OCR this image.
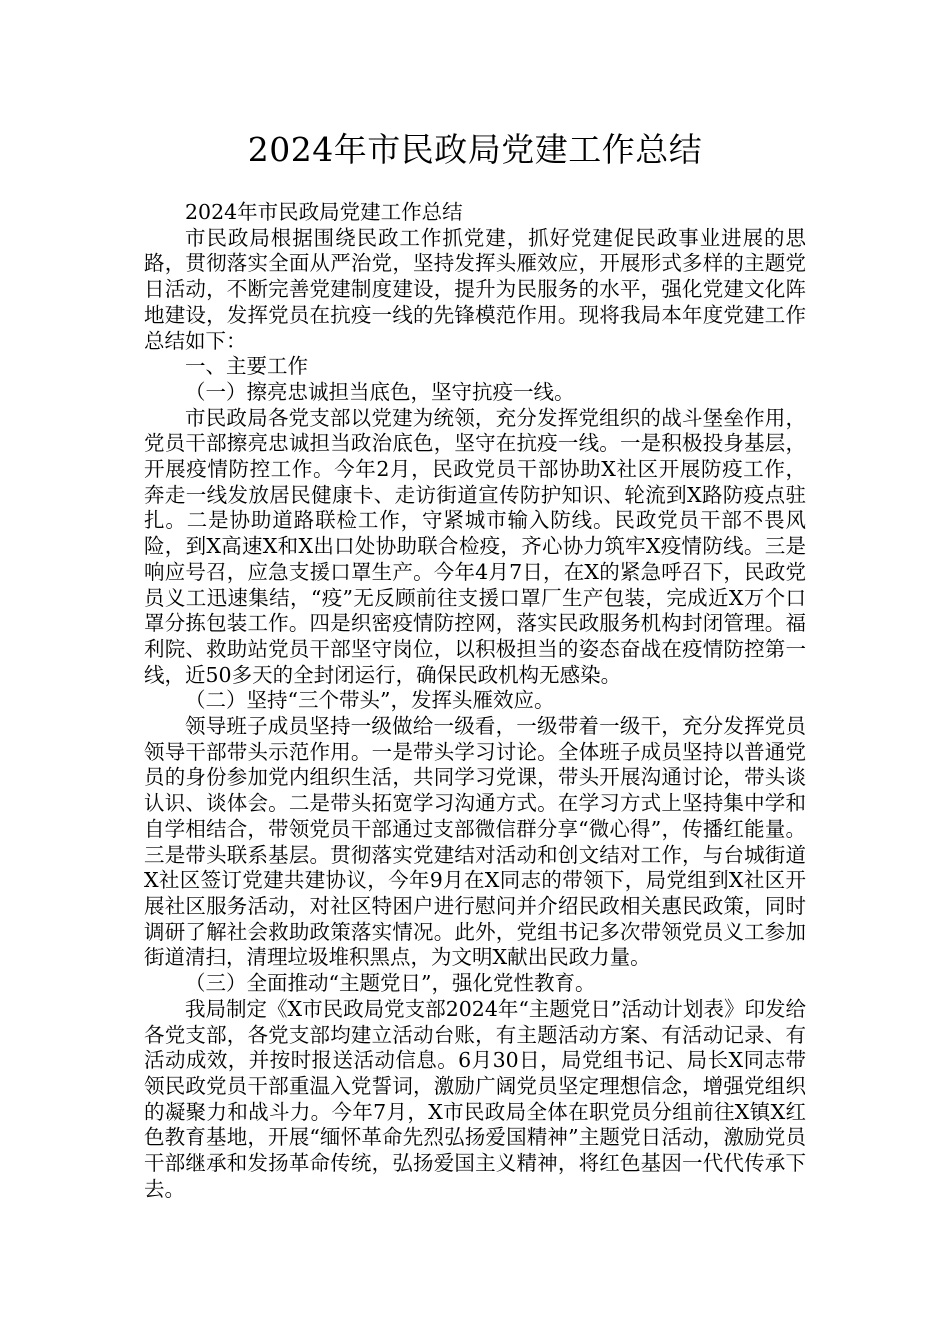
2024年市民政局党建工作总结

2024年市民政局党建工作总结

市民政局根据围绕民政工作抓党建，抓好党建促民政事业进展的思路，贯彻落实全面从严治党，坚持发挥头雁效应，开展形式多样的主题党日活动，不断完善党建制度建设，提升为民服务的水平，强化党建文化阵地建设，发挥党员在抗疫一线的先锋模范作用。现将我局本年度党建工作总结如下：

一、主要工作

（一）擦亮忠诚担当底色，坚守抗疫一线。

市民政局各党支部以党建为统领，充分发挥党组织的战斗堡垒作用，党员干部擦亮忠诚担当政治底色，坚守在抗疫一线。一是积极投身基层，开展疫情防控工作。今年2月，民政党员干部协助X社区开展防疫工作，奔走一线发放居民健康卡、走访街道宣传防护知识、轮流到X路防疫点驻扎。二是协助道路联检工作，守紧城市输入防线。民政党员干部不畏风险，到X高速X和X出口处协助联合检疫，齐心协力筑牢X疫情防线。三是响应号召，应急支援口罩生产。今年4月7日，在X的紧急呼召下，民政党员义工迅速集结，“疫”无反顾前往支援口罩厂生产包装，完成近X万个口罩分拣包装工作。四是织密疫情防控网，落实民政服务机构封闭管理。福利院、救助站党员干部坚守岗位，以积极担当的姿态奋战在疫情防控第一线，近50多天的全封闭运行，确保民政机构无感染。

（二）坚持“三个带头”，发挥头雁效应。

领导班子成员坚持一级做给一级看，一级带着一级干，充分发挥党员领导干部带头示范作用。一是带头学习讨论。全体班子成员坚持以普通党员的身份参加党内组织生活，共同学习党课，带头开展沟通讨论，带头谈认识、谈体会。二是带头拓宽学习沟通方式。在学习方式上坚持集中学和自学相结合，带领党员干部通过支部微信群分享“微心得”，传播红能量。三是带头联系基层。贯彻落实党建结对活动和创文结对工作，与台城街道X社区签订党建共建协议，今年9月在X同志的带领下，局党组到X社区开展社区服务活动，对社区特困户进行慰问并介绍民政相关惠民政策，同时调研了解社会救助政策落实情况。此外，党组书记多次带领党员义工参加街道清扫，清理垃圾堆积黑点，为文明X献出民政力量。

（三）全面推动“主题党日”，强化党性教育。

我局制定《X市民政局党支部2024年“主题党日”活动计划表》印发给各党支部，各党支部均建立活动台账，有主题活动方案、有活动记录、有活动成效，并按时报送活动信息。6月30日，局党组书记、局长X同志带领民政党员干部重温入党誓词，激励广阔党员坚定理想信念，增强党组织的凝聚力和战斗力。今年7月，X市民政局全体在职党员分组前往X镇X红色教育基地，开展“缅怀革命先烈弘扬爱国精神”主题党日活动，激励党员干部继承和发扬革命传统，弘扬爱国主义精神，将红色基因一代代传承下去。
